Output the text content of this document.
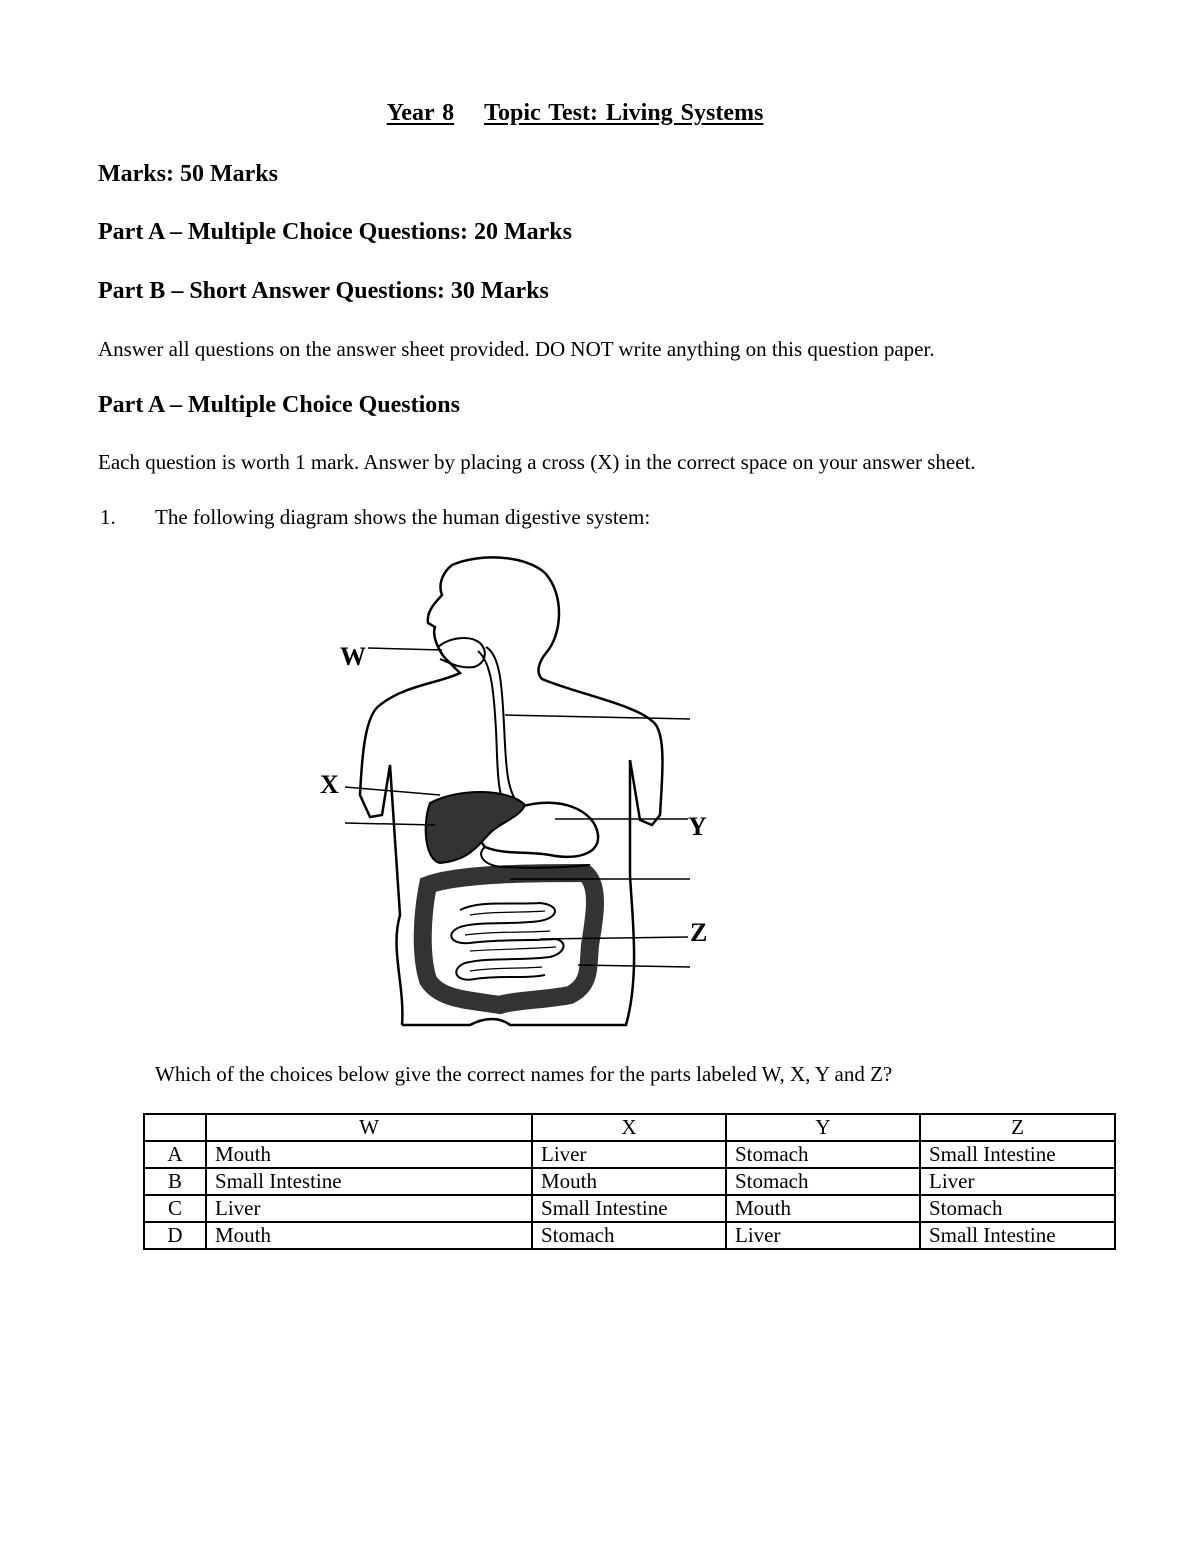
Year 8 Topic Test: Living Systems
Marks: 50 Marks
Part A – Multiple Choice Questions: 20 Marks
Part B – Short Answer Questions: 30 Marks
Answer all questions on the answer sheet provided. DO NOT write anything on this question paper.
Part A – Multiple Choice Questions
Each question is worth 1 mark. Answer by placing a cross (X) in the correct space on your answer sheet.
1. The following diagram shows the human digestive system:
W
X
Y
Z
Which of the choices below give the correct names for the parts labeled W, X, Y and Z?
	W	X	Y	Z
A	Mouth	Liver	Stomach	Small Intestine
B	Small Intestine	Mouth	Stomach	Liver
C	Liver	Small Intestine	Mouth	Stomach
D	Mouth	Stomach	Liver	Small Intestine
